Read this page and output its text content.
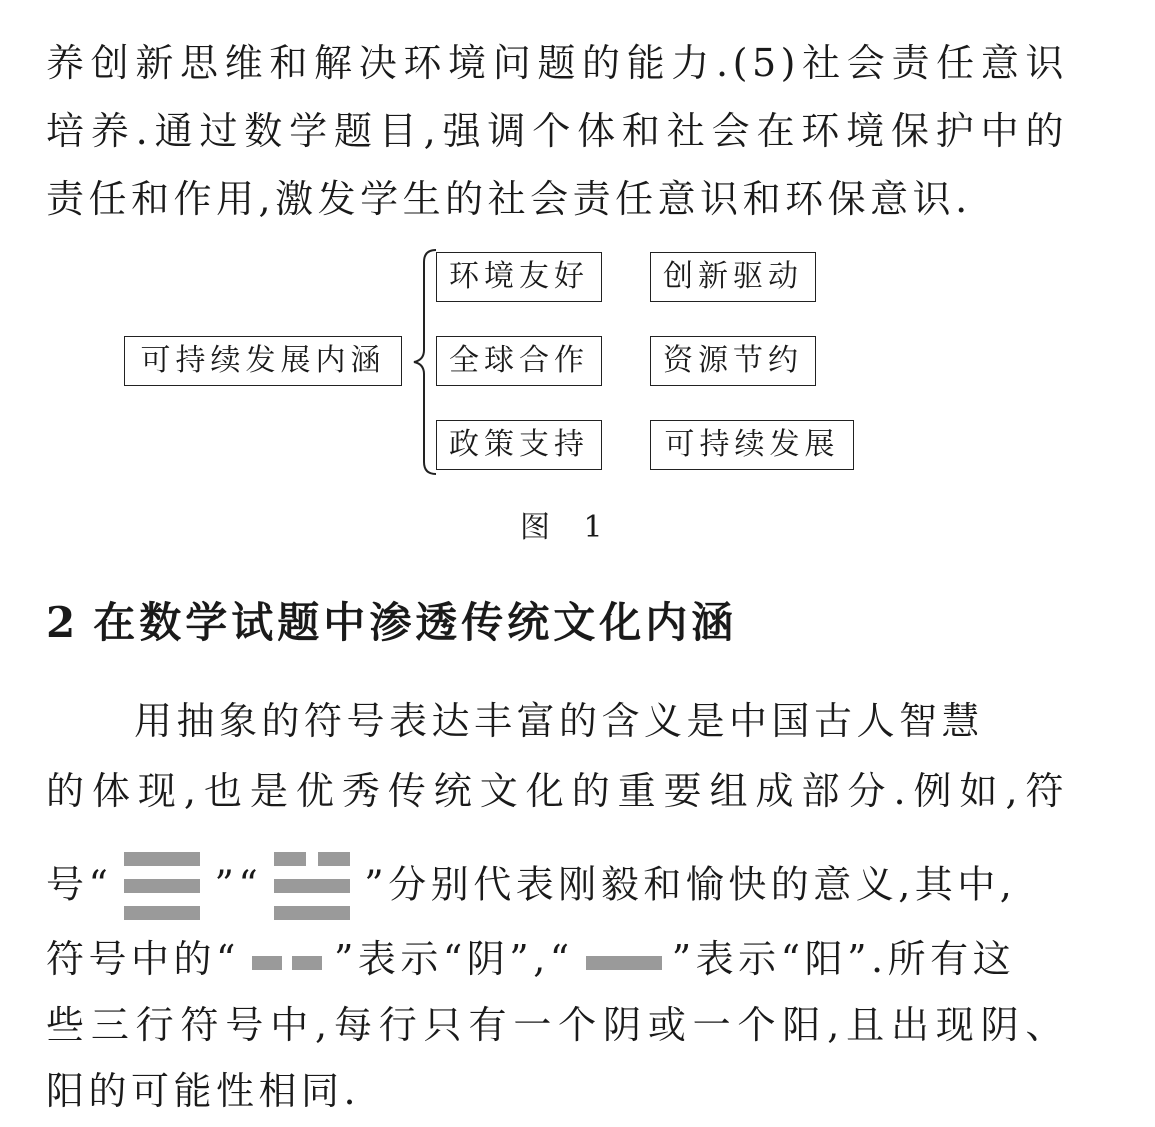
养创新思维和解决环境问题的能力.(5)社会责任意识
培养.通过数学题目,强调个体和社会在环境保护中的
责任和作用,激发学生的社会责任意识和环保意识.
可持续发展内涵
环境友好
全球合作
政策支持
创新驱动
资源节约
可持续发展
图 1
2 在数学试题中渗透传统文化内涵
用抽象的符号表达丰富的含义是中国古人智慧
的体现,也是优秀传统文化的重要组成部分.例如,符
号“	”“	”分别代表刚毅和愉快的意义,其中,
符号中的“ ”表示“阴”,“	”表示“阳”.所有这
些三行符号中,每行只有一个阴或一个阳,且出现阴、
阳的可能性相同.
